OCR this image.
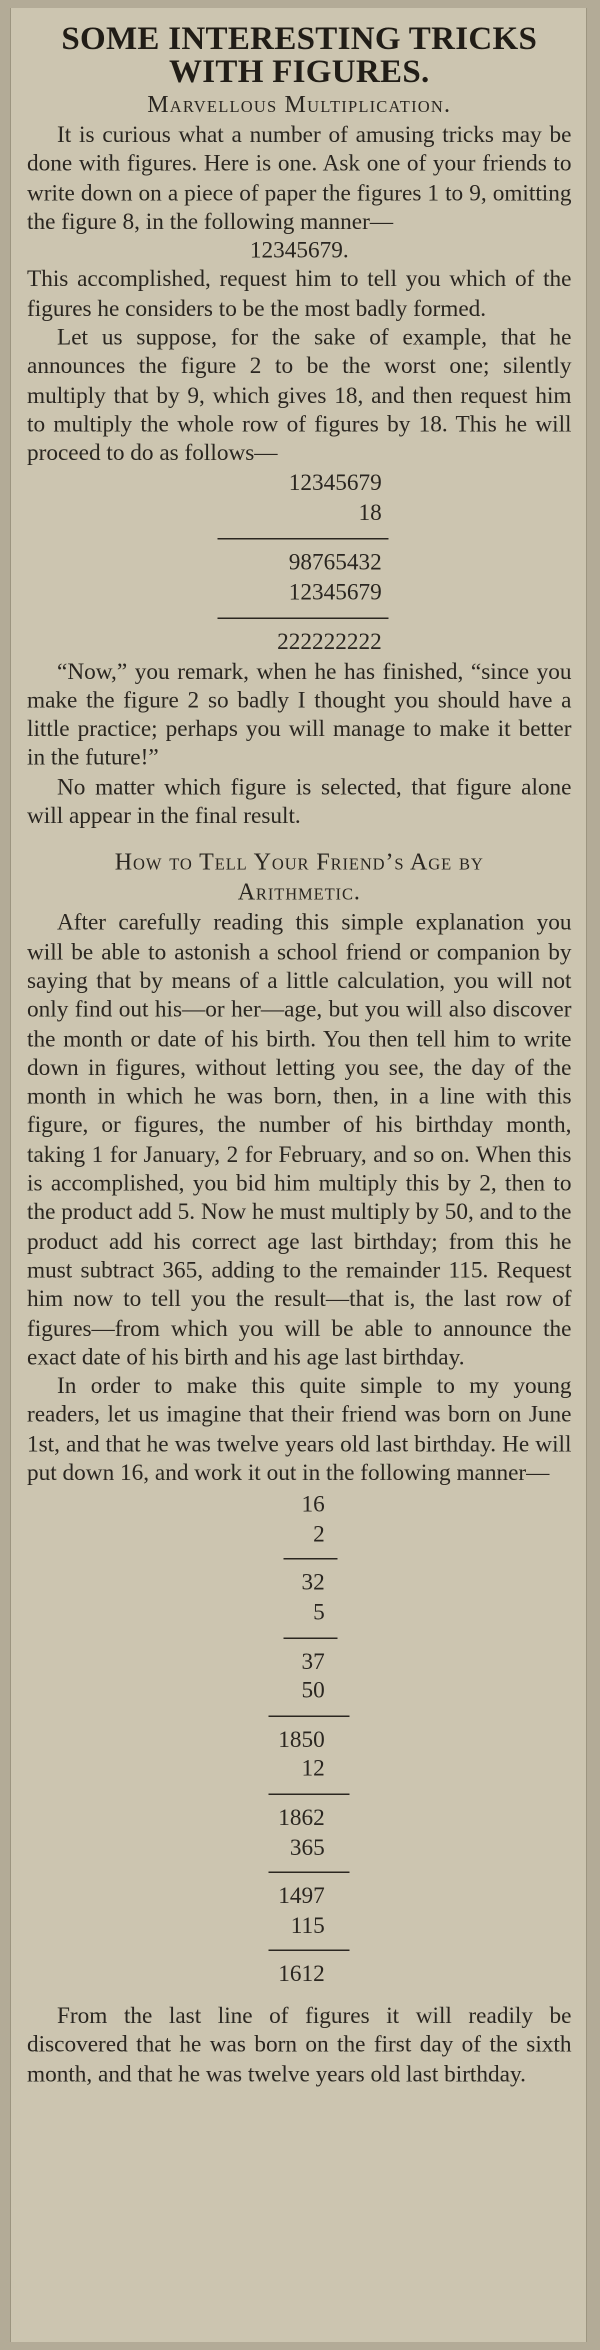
SOME INTERESTING TRICKS WITH FIGURES.
Marvellous Multiplication.

It is curious what a number of amusing tricks may be done with figures. Here is one. Ask one of your friends to write down on a piece of paper the figures 1 to 9, omitting the figure 8, in the following manner—

12345679.

This accomplished, request him to tell you which of the figures he considers to be the most badly formed.

Let us suppose, for the sake of example, that he announces the figure 2 to be the worst one; silently multiply that by 9, which gives 18, and then request him to multiply the whole row of figures by 18. This he will proceed to do as follows—

12345679
18
98765432
12345679
222222222

“Now,” you remark, when he has finished, “since you make the figure 2 so badly I thought you should have a little practice; perhaps you will manage to make it better in the future!”

No matter which figure is selected, that figure alone will appear in the final result.

How to Tell Your Friend’s Age by
Arithmetic.

After carefully reading this simple explanation you will be able to astonish a school friend or companion by saying that by means of a little calculation, you will not only find out his—or her—age, but you will also discover the month or date of his birth. You then tell him to write down in figures, without letting you see, the day of the month in which he was born, then, in a line with this figure, or figures, the number of his birthday month, taking 1 for January, 2 for February, and so on. When this is accomplished, you bid him multiply this by 2, then to the product add 5. Now he must multiply by 50, and to the product add his correct age last birthday; from this he must subtract 365, adding to the remainder 115. Request him now to tell you the result—that is, the last row of figures—from which you will be able to announce the exact date of his birth and his age last birthday.

In order to make this quite simple to my young readers, let us imagine that their friend was born on June 1st, and that he was twelve years old last birthday. He will put down 16, and work it out in the following manner—

16
2
32
5
37
50
1850
12
1862
365
1497
115
1612

From the last line of figures it will readily be discovered that he was born on the first day of the sixth month, and that he was twelve years old last birthday.
